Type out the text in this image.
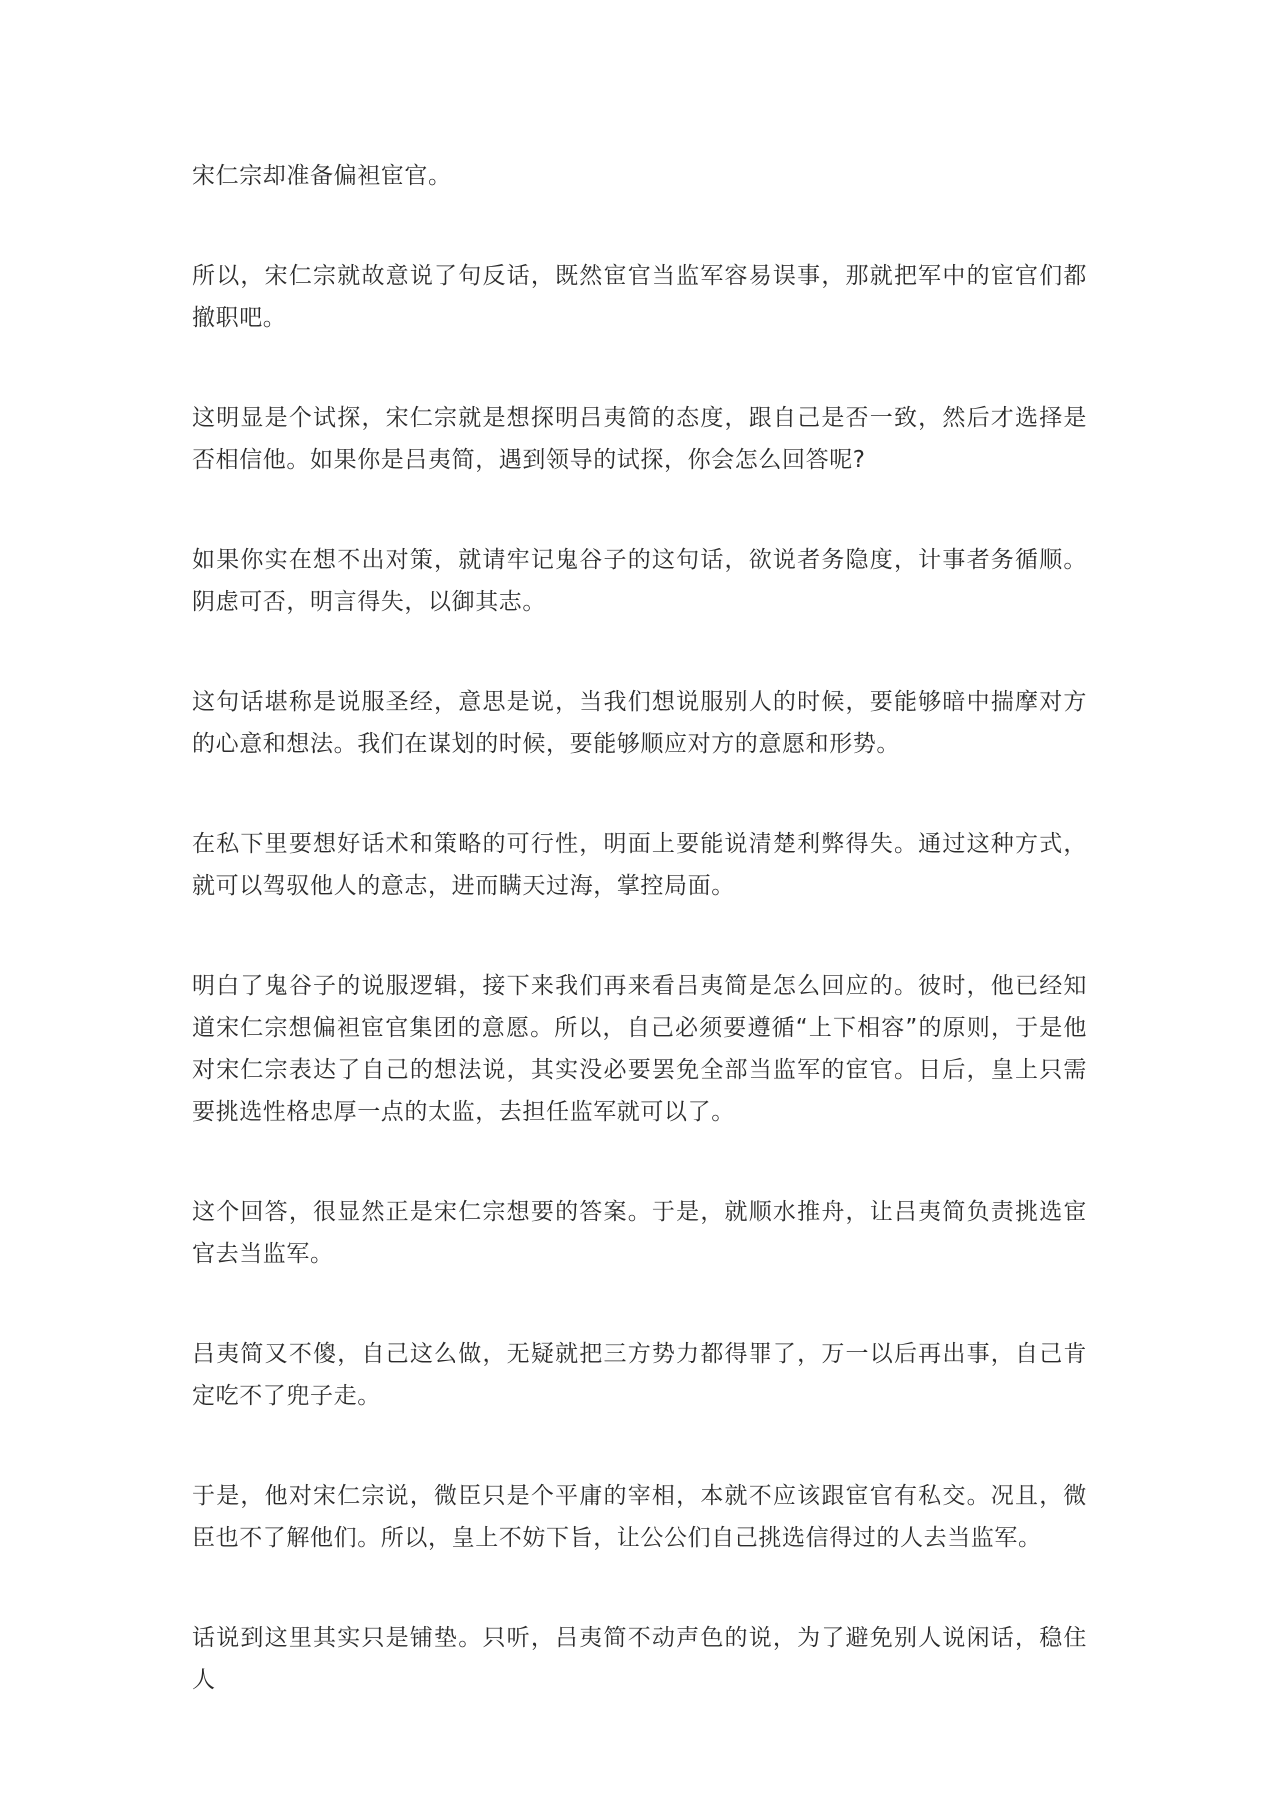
宋仁宗却准备偏袒宦官。

所以，宋仁宗就故意说了句反话，既然宦官当监军容易误事，那就把军中的宦官们都撤职吧。

这明显是个试探，宋仁宗就是想探明吕夷简的态度，跟自己是否一致，然后才选择是否相信他。如果你是吕夷简，遇到领导的试探，你会怎么回答呢?

如果你实在想不出对策，就请牢记鬼谷子的这句话，欲说者务隐度，计事者务循顺。阴虑可否，明言得失，以御其志。

这句话堪称是说服圣经，意思是说，当我们想说服别人的时候，要能够暗中揣摩对方的心意和想法。我们在谋划的时候，要能够顺应对方的意愿和形势。

在私下里要想好话术和策略的可行性，明面上要能说清楚利弊得失。通过这种方式，就可以驾驭他人的意志，进而瞒天过海，掌控局面。

明白了鬼谷子的说服逻辑，接下来我们再来看吕夷简是怎么回应的。彼时，他已经知道宋仁宗想偏袒宦官集团的意愿。所以，自己必须要遵循“上下相容”的原则，于是他对宋仁宗表达了自己的想法说，其实没必要罢免全部当监军的宦官。日后，皇上只需要挑选性格忠厚一点的太监，去担任监军就可以了。

这个回答，很显然正是宋仁宗想要的答案。于是，就顺水推舟，让吕夷简负责挑选宦官去当监军。

吕夷简又不傻，自己这么做，无疑就把三方势力都得罪了，万一以后再出事，自己肯定吃不了兜子走。

于是，他对宋仁宗说，微臣只是个平庸的宰相，本就不应该跟宦官有私交。况且，微臣也不了解他们。所以，皇上不妨下旨，让公公们自己挑选信得过的人去当监军。

话说到这里其实只是铺垫。只听，吕夷简不动声色的说，为了避免别人说闲话，稳住人
